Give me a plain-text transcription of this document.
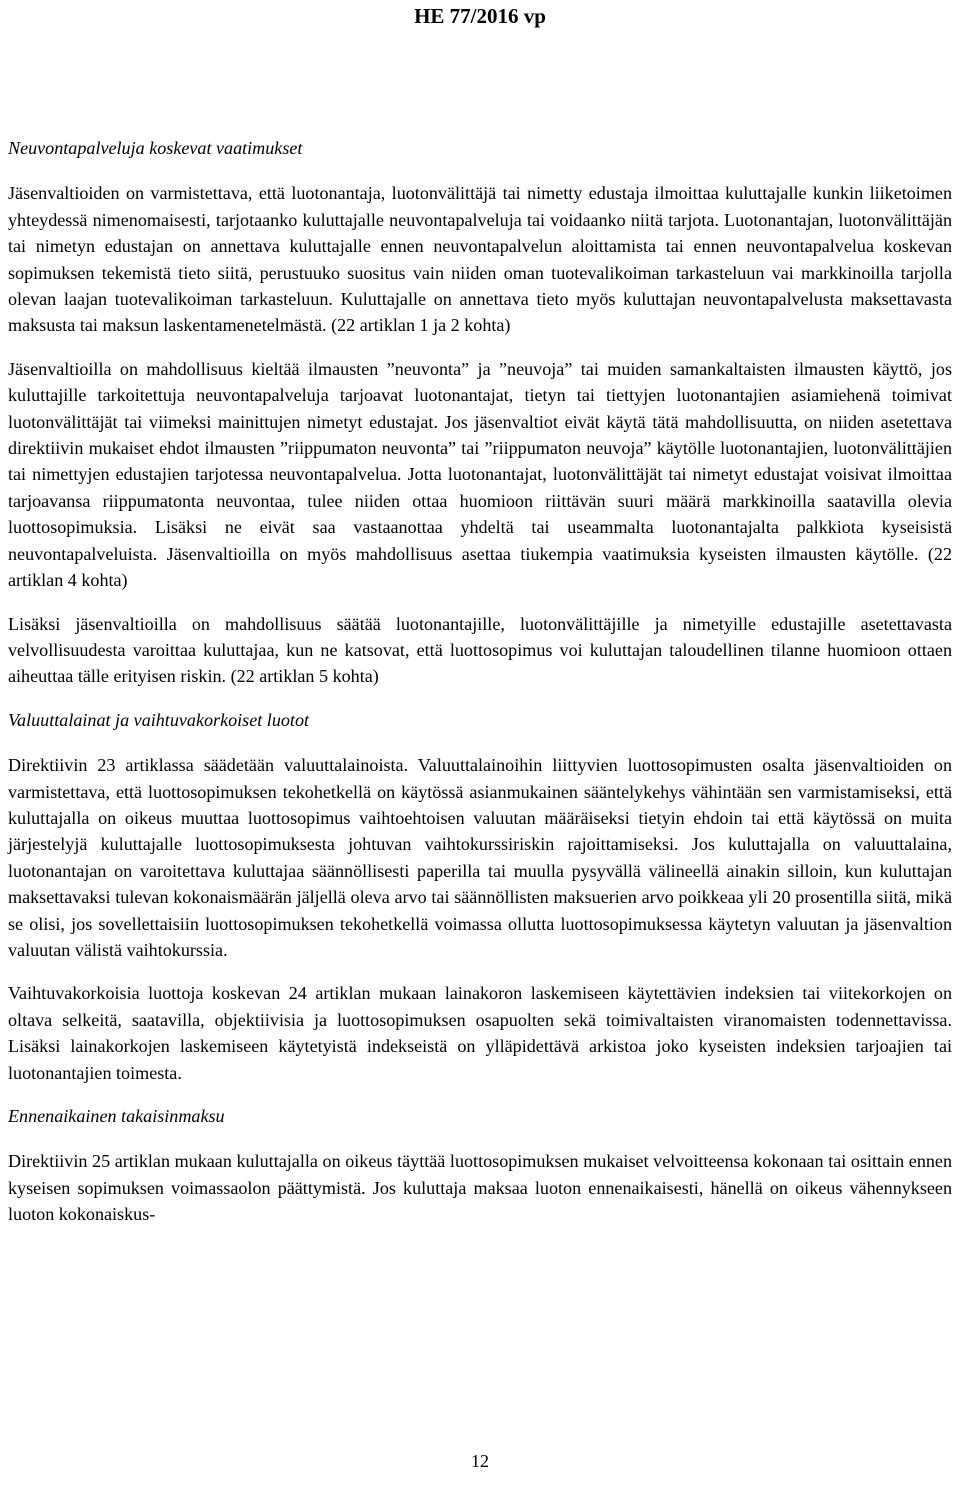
HE 77/2016 vp
Neuvontapalveluja koskevat vaatimukset

Jäsenvaltioiden on varmistettava, että luotonantaja, luotonvälittäjä tai nimetty edustaja ilmoittaa kuluttajalle kunkin liiketoimen yhteydessä nimenomaisesti, tarjotaanko kuluttajalle neuvontapalveluja tai voidaanko niitä tarjota. Luotonantajan, luotonvälittäjän tai nimetyn edustajan on annettava kuluttajalle ennen neuvontapalvelun aloittamista tai ennen neuvontapalvelua koskevan sopimuksen tekemistä tieto siitä, perustuuko suositus vain niiden oman tuotevalikoiman tarkasteluun vai markkinoilla tarjolla olevan laajan tuotevalikoiman tarkasteluun. Kuluttajalle on annettava tieto myös kuluttajan neuvontapalvelusta maksettavasta maksusta tai maksun laskentamenetelmästä. (22 artiklan 1 ja 2 kohta)

Jäsenvaltioilla on mahdollisuus kieltää ilmausten ”neuvonta” ja ”neuvoja” tai muiden samankaltaisten ilmausten käyttö, jos kuluttajille tarkoitettuja neuvontapalveluja tarjoavat luotonantajat, tietyn tai tiettyjen luotonantajien asiamiehenä toimivat luotonvälittäjät tai viimeksi mainittujen nimetyt edustajat. Jos jäsenvaltiot eivät käytä tätä mahdollisuutta, on niiden asetettava direktiivin mukaiset ehdot ilmausten ”riippumaton neuvonta” tai ”riippumaton neuvoja” käytölle luotonantajien, luotonvälittäjien tai nimettyjen edustajien tarjotessa neuvontapalvelua. Jotta luotonantajat, luotonvälittäjät tai nimetyt edustajat voisivat ilmoittaa tarjoavansa riippumatonta neuvontaa, tulee niiden ottaa huomioon riittävän suuri määrä markkinoilla saatavilla olevia luottosopimuksia. Lisäksi ne eivät saa vastaanottaa yhdeltä tai useammalta luotonantajalta palkkiota kyseisistä neuvontapalveluista. Jäsenvaltioilla on myös mahdollisuus asettaa tiukempia vaatimuksia kyseisten ilmausten käytölle. (22 artiklan 4 kohta)

Lisäksi jäsenvaltioilla on mahdollisuus säätää luotonantajille, luotonvälittäjille ja nimetyille edustajille asetettavasta velvollisuudesta varoittaa kuluttajaa, kun ne katsovat, että luottosopimus voi kuluttajan taloudellinen tilanne huomioon ottaen aiheuttaa tälle erityisen riskin. (22 artiklan 5 kohta)

Valuuttalainat ja vaihtuvakorkoiset luotot

Direktiivin 23 artiklassa säädetään valuuttalainoista. Valuuttalainoihin liittyvien luottosopimusten osalta jäsenvaltioiden on varmistettava, että luottosopimuksen tekohetkellä on käytössä asianmukainen sääntelykehys vähintään sen varmistamiseksi, että kuluttajalla on oikeus muuttaa luottosopimus vaihtoehtoisen valuutan määräiseksi tietyin ehdoin tai että käytössä on muita järjestelyjä kuluttajalle luottosopimuksesta johtuvan vaihtokurssiriskin rajoittamiseksi. Jos kuluttajalla on valuuttalaina, luotonantajan on varoitettava kuluttajaa säännöllisesti paperilla tai muulla pysyvällä välineellä ainakin silloin, kun kuluttajan maksettavaksi tulevan kokonaismäärän jäljellä oleva arvo tai säännöllisten maksuerien arvo poikkeaa yli 20 prosentilla siitä, mikä se olisi, jos sovellettaisiin luottosopimuksen tekohetkellä voimassa ollutta luottosopimuksessa käytetyn valuutan ja jäsenvaltion valuutan välistä vaihtokurssia.

Vaihtuvakorkoisia luottoja koskevan 24 artiklan mukaan lainakoron laskemiseen käytettävien indeksien tai viitekorkojen on oltava selkeitä, saatavilla, objektiivisia ja luottosopimuksen osapuolten sekä toimivaltaisten viranomaisten todennettavissa. Lisäksi lainakorkojen laskemiseen käytetyistä indekseistä on ylläpidettävä arkistoa joko kyseisten indeksien tarjoajien tai luotonantajien toimesta.

Ennenaikainen takaisinmaksu

Direktiivin 25 artiklan mukaan kuluttajalla on oikeus täyttää luottosopimuksen mukaiset velvoitteensa kokonaan tai osittain ennen kyseisen sopimuksen voimassaolon päättymistä. Jos kuluttaja maksaa luoton ennenaikaisesti, hänellä on oikeus vähennykseen luoton kokonaiskus-

12
